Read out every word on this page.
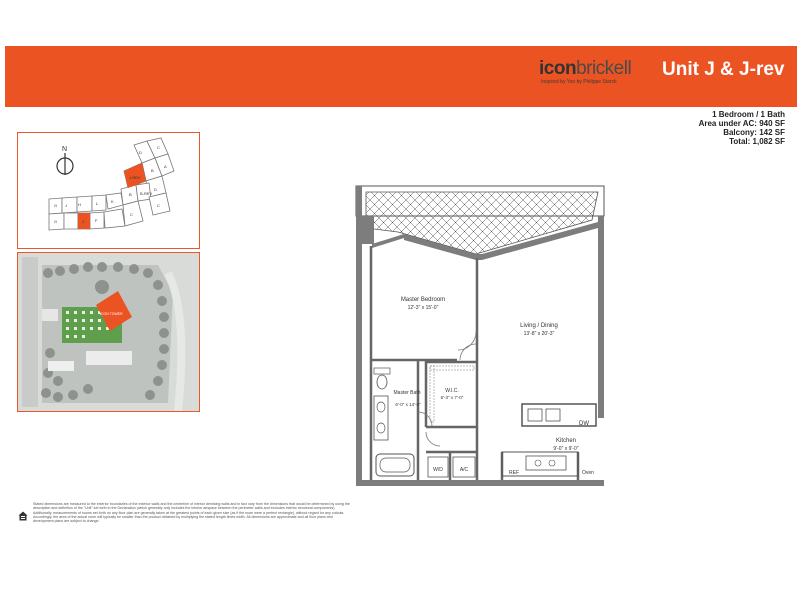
iconbrickell
Inspired by Yoo by Philippe Starck
Unit J & J-rev
1 Bedroom / 1 Bath
Area under AC: 940 SF
Balcony: 142 SF
Total: 1,082 SF
N	D
C
B
A
D
C
B
J-REV
H	L	K
G
B-REV
J
J	F
G
C
ICON TOWER
Master Bedroom
12'-3" x 15'-0"
Living / Dining
13'-8" x 20'-3"
W.I.C.
6'-3" x 7'-0"
Master Bath
6'-0" x 14'-9"
Kitchen
9'-0" x 9'-0"
DW
W/D	A/C	REF	Oven
Stated dimensions are measured to the exterior boundaries of the exterior walls and the centerline of interior demising walls and in fact vary from the dimensions that would be determined by using the description and definition of the "Unit" set forth in the Declaration (which generally only includes the interior airspace between the perimeter walls and excludes interior structural components). Additionally, measurements of rooms set forth on any floor plan are generally taken at the greatest points of each given size (as if the room were a perfect rectangle), without regard for any cutouts. Accordingly, the area of the actual room will typically be smaller than the product obtained by multiplying the stated length times width. All dimensions are approximate and all floor plans and development plans are subject to change.
